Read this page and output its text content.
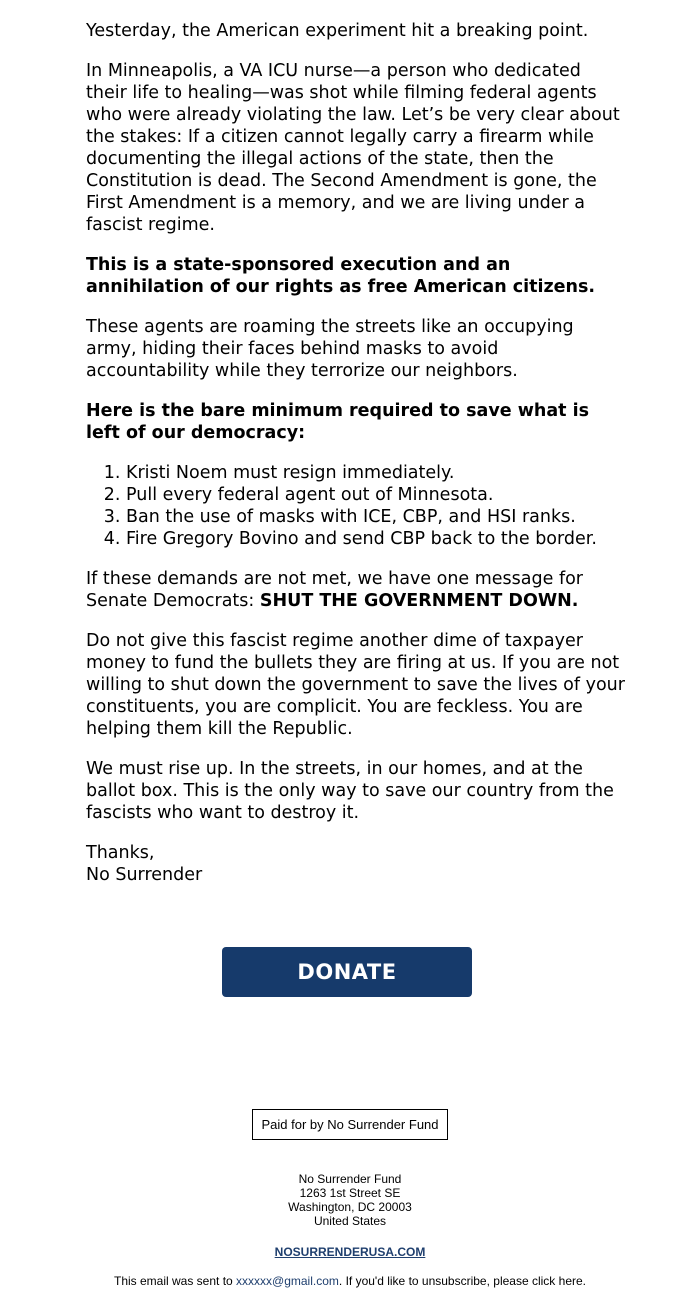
Yesterday, the American experiment hit a breaking point.

In Minneapolis, a VA ICU nurse—a person who dedicated their life to healing—was shot while filming federal agents who were already violating the law. Let’s be very clear about the stakes: If a citizen cannot legally carry a firearm while documenting the illegal actions of the state, then the Constitution is dead. The Second Amendment is gone, the First Amendment is a memory, and we are living under a fascist regime.

This is a state-sponsored execution and an annihilation of our rights as free American citizens.

These agents are roaming the streets like an occupying army, hiding their faces behind masks to avoid accountability while they terrorize our neighbors.

Here is the bare minimum required to save what is left of our democracy:

1. Kristi Noem must resign immediately.
2. Pull every federal agent out of Minnesota.
3. Ban the use of masks with ICE, CBP, and HSI ranks.
4. Fire Gregory Bovino and send CBP back to the border.

If these demands are not met, we have one message for Senate Democrats: SHUT THE GOVERNMENT DOWN.

Do not give this fascist regime another dime of taxpayer money to fund the bullets they are firing at us. If you are not willing to shut down the government to save the lives of your constituents, you are complicit. You are feckless. You are helping them kill the Republic.

We must rise up. In the streets, in our homes, and at the ballot box. This is the only way to save our country from the fascists who want to destroy it.

Thanks,
No Surrender

DONATE
Paid for by No Surrender Fund
No Surrender Fund
1263 1st Street SE
Washington, DC 20003
United States
NOSURRENDERUSA.COM
This email was sent to xxxxxx@gmail.com. If you'd like to unsubscribe, please click here.
